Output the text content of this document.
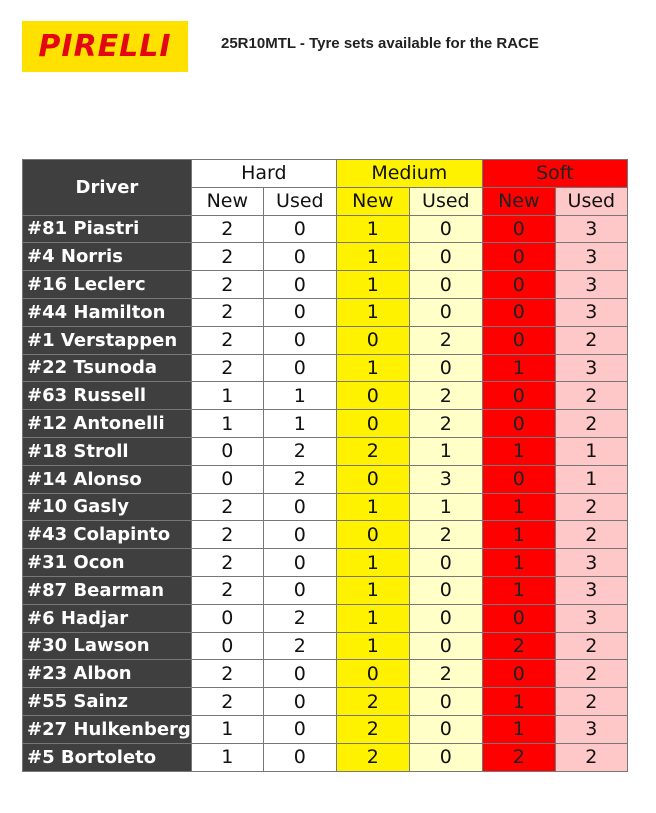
PIRELLI	25R10MTL - Tyre sets available for the RACE
Driver	Hard		Medium		Soft	
	New	Used	New	Used	New	Used
#81 Piastri	2	0	1	0	0	3
#4 Norris	2	0	1	0	0	3
#16 Leclerc	2	0	1	0	0	3
#44 Hamilton	2	0	1	0	0	3
#1 Verstappen	2	0	0	2	0	2
#22 Tsunoda	2	0	1	0	1	3
#63 Russell	1	1	0	2	0	2
#12 Antonelli	1	1	0	2	0	2
#18 Stroll	0	2	2	1	1	1
#14 Alonso	0	2	0	3	0	1
#10 Gasly	2	0	1	1	1	2
#43 Colapinto	2	0	0	2	1	2
#31 Ocon	2	0	1	0	1	3
#87 Bearman	2	0	1	0	1	3
#6 Hadjar	0	2	1	0	0	3
#30 Lawson	0	2	1	0	2	2
#23 Albon	2	0	0	2	0	2
#55 Sainz	2	0	2	0	1	2
#27 Hulkenberg	1	0	2	0	1	3
#5 Bortoleto	1	0	2	0	2	2
